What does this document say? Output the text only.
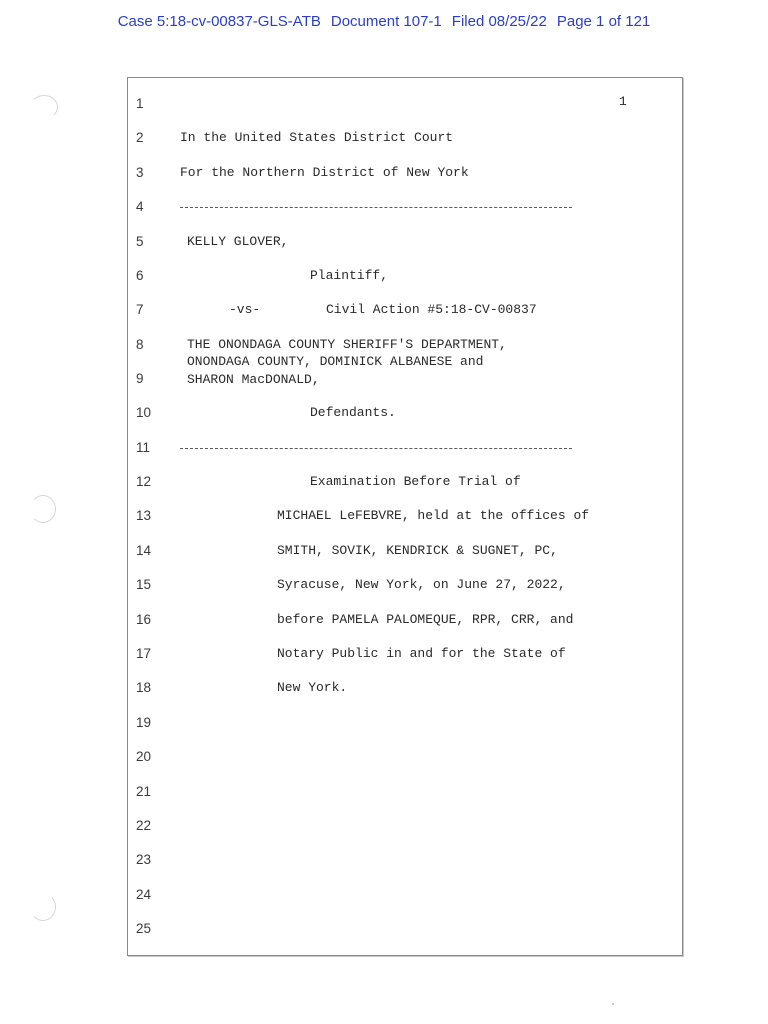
Case 5:18-cv-00837-GLS-ATB Document 107-1 Filed 08/25/22 Page 1 of 121
1
1
2
3
4
5
6
7
8
9
10
11
12
13
14
15
16
17
18
19
20
21
22
23
24
25
In the United States District Court
For the Northern District of New York
KELLY GLOVER,
Plaintiff,
-vs-	Civil Action #5:18-CV-00837
THE ONONDAGA COUNTY SHERIFF'S DEPARTMENT,
ONONDAGA COUNTY, DOMINICK ALBANESE and
SHARON MacDONALD,
Defendants.
Examination Before Trial of
MICHAEL LeFEBVRE, held at the offices of
SMITH, SOVIK, KENDRICK & SUGNET, PC,
Syracuse, New York, on June 27, 2022,
before PAMELA PALOMEQUE, RPR, CRR, and
Notary Public in and for the State of
New York.
